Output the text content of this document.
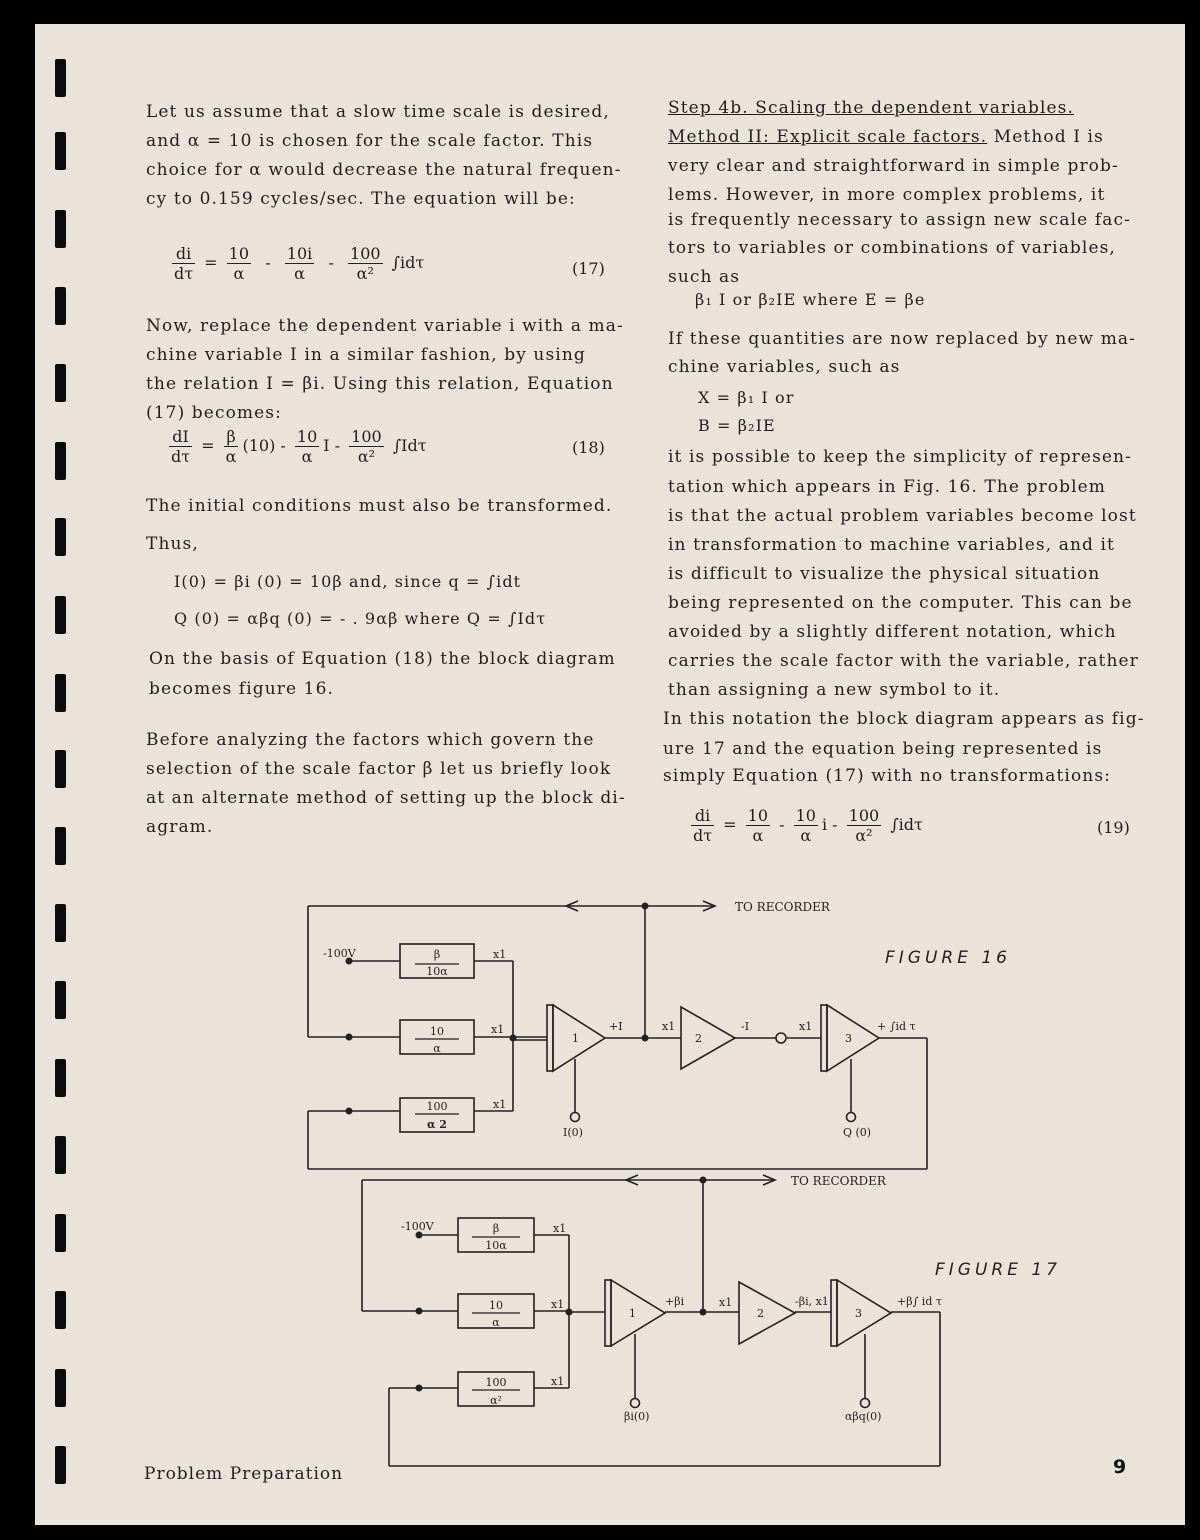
Let us assume that a slow time scale is desired,
and α = 10 is chosen for the scale factor. This
choice for α would decrease the natural frequen-
cy to 0.159 cycles/sec. The equation will be:
$\frac{di}{d\tau} = \frac{10}{\alpha} - \frac{10i}{\alpha} - \frac{100}{\text{α²}} \int id\tau$	(17)
Now, replace the dependent variable i with a ma-
chine variable I in a similar fashion, by using
the relation I = βi. Using this relation, Equation
(17) becomes:
$\frac{dI}{d\tau} = \frac{\beta}{\alpha} (10) - \frac{10}{\alpha}$ I - $\frac{100}{\text{α²}} \int Id\tau$	(18)
The initial conditions must also be transformed.
Thus,
I(0) = βi (0) = 10β and, since q = ∫idt
Q (0) = αβq (0) = - . 9αβ where Q = ∫Idτ
On the basis of Equation (18) the block diagram
becomes figure 16.
Before analyzing the factors which govern the
selection of the scale factor β let us briefly look
at an alternate method of setting up the block di-
agram.
Step 4b. Scaling the dependent variables.
Method II: Explicit scale factors. Method I is
very clear and straightforward in simple prob-
lems. However, in more complex problems, it
is frequently necessary to assign new scale fac-
tors to variables or combinations of variables,
such as
β₁ I or β₂IE where E = βe
If these quantities are now replaced by new ma-
chine variables, such as
X = β₁ I or
B = β₂IE
it is possible to keep the simplicity of represen-
tation which appears in Fig. 16. The problem
is that the actual problem variables become lost
in transformation to machine variables, and it
is difficult to visualize the physical situation
being represented on the computer. This can be
avoided by a slightly different notation, which
carries the scale factor with the variable, rather
than assigning a new symbol to it.
In this notation the block diagram appears as fig-
ure 17 and the equation being represented is
simply Equation (17) with no transformations:
$\frac{di}{d\tau} = \frac{10}{\alpha} - \frac{10}{\alpha}$ i - $\frac{100}{\text{α²}} \int id\tau$	(19)
FIGURE 16
TO RECORDER
-100V	β
10α
10
α
100
α 2
x1
x1
x1
1
+I	x1
2
-I	x1
3
+ ∫id τ
I(0)	Q (0)
FIGURE 17
TO RECORDER
-100V	β
10α
10
α
100
α²
x1
x1
x1
1
+βi	x1
2
-βi, x1
3
+β∫ id τ
βi(0)	αβq(0)
Problem Preparation	9
